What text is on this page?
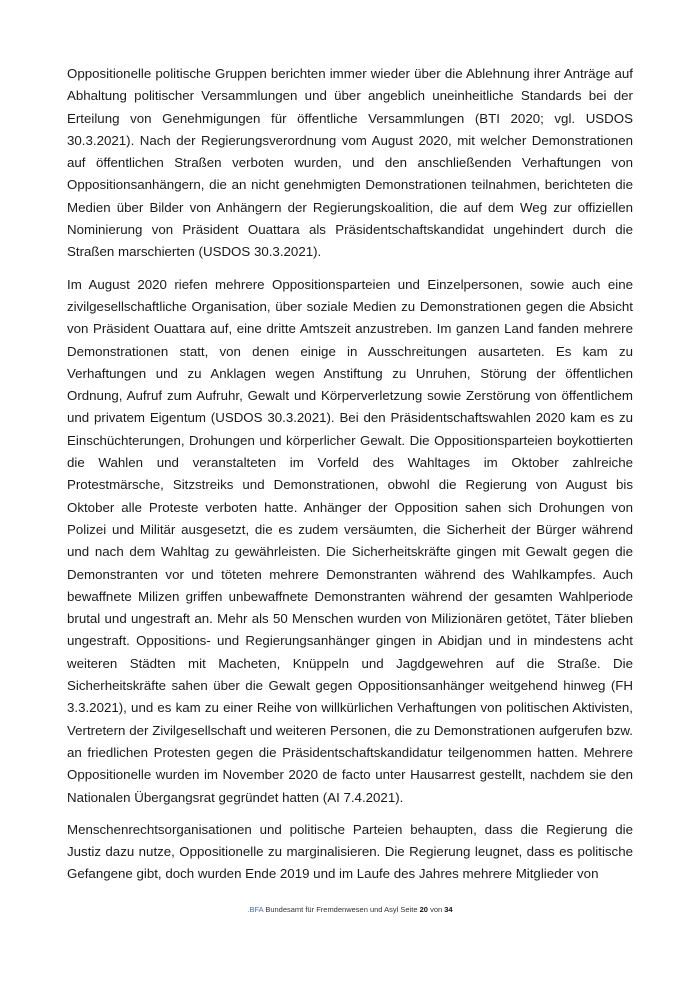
Oppositionelle politische Gruppen berichten immer wieder über die Ablehnung ihrer Anträge auf Abhaltung politischer Versammlungen und über angeblich uneinheitliche Standards bei der Erteilung von Genehmigungen für öffentliche Versammlungen (BTI 2020; vgl. USDOS 30.3.2021). Nach der Regierungsverordnung vom August 2020, mit welcher Demonstrationen auf öffentlichen Straßen verboten wurden, und den anschließenden Verhaftungen von Oppositionsanhängern, die an nicht genehmigten Demonstrationen teilnahmen, berichteten die Medien über Bilder von Anhängern der Regierungskoalition, die auf dem Weg zur offiziellen Nominierung von Präsident Ouattara als Präsidentschaftskandidat ungehindert durch die Straßen marschierten (USDOS 30.3.2021).

Im August 2020 riefen mehrere Oppositionsparteien und Einzelpersonen, sowie auch eine zivilgesellschaftliche Organisation, über soziale Medien zu Demonstrationen gegen die Absicht von Präsident Ouattara auf, eine dritte Amtszeit anzustreben. Im ganzen Land fanden mehrere Demonstrationen statt, von denen einige in Ausschreitungen ausarteten. Es kam zu Verhaftungen und zu Anklagen wegen Anstiftung zu Unruhen, Störung der öffentlichen Ordnung, Aufruf zum Aufruhr, Gewalt und Körperverletzung sowie Zerstörung von öffentlichem und privatem Eigentum (USDOS 30.3.2021). Bei den Präsidentschaftswahlen 2020 kam es zu Einschüchterungen, Drohungen und körperlicher Gewalt. Die Oppositionsparteien boykottierten die Wahlen und veranstalteten im Vorfeld des Wahltages im Oktober zahlreiche Protestmärsche, Sitzstreiks und Demonstrationen, obwohl die Regierung von August bis Oktober alle Proteste verboten hatte. Anhänger der Opposition sahen sich Drohungen von Polizei und Militär ausgesetzt, die es zudem versäumten, die Sicherheit der Bürger während und nach dem Wahltag zu gewährleisten. Die Sicherheitskräfte gingen mit Gewalt gegen die Demonstranten vor und töteten mehrere Demonstranten während des Wahlkampfes. Auch bewaffnete Milizen griffen unbewaffnete Demonstranten während der gesamten Wahlperiode brutal und ungestraft an. Mehr als 50 Menschen wurden von Milizionären getötet, Täter blieben ungestraft. Oppositions- und Regierungsanhänger gingen in Abidjan und in mindestens acht weiteren Städten mit Macheten, Knüppeln und Jagdgewehren auf die Straße. Die Sicherheitskräfte sahen über die Gewalt gegen Oppositionsanhänger weitgehend hinweg (FH 3.3.2021), und es kam zu einer Reihe von willkürlichen Verhaftungen von politischen Aktivisten, Vertretern der Zivilgesellschaft und weiteren Personen, die zu Demonstrationen aufgerufen bzw. an friedlichen Protesten gegen die Präsidentschaftskandidatur teilgenommen hatten. Mehrere Oppositionelle wurden im November 2020 de facto unter Hausarrest gestellt, nachdem sie den Nationalen Übergangsrat gegründet hatten (AI 7.4.2021).

Menschenrechtsorganisationen und politische Parteien behaupten, dass die Regierung die Justiz dazu nutze, Oppositionelle zu marginalisieren. Die Regierung leugnet, dass es politische Gefangene gibt, doch wurden Ende 2019 und im Laufe des Jahres mehrere Mitglieder von

.BFA Bundesamt für Fremdenwesen und Asyl Seite 20 von 34
